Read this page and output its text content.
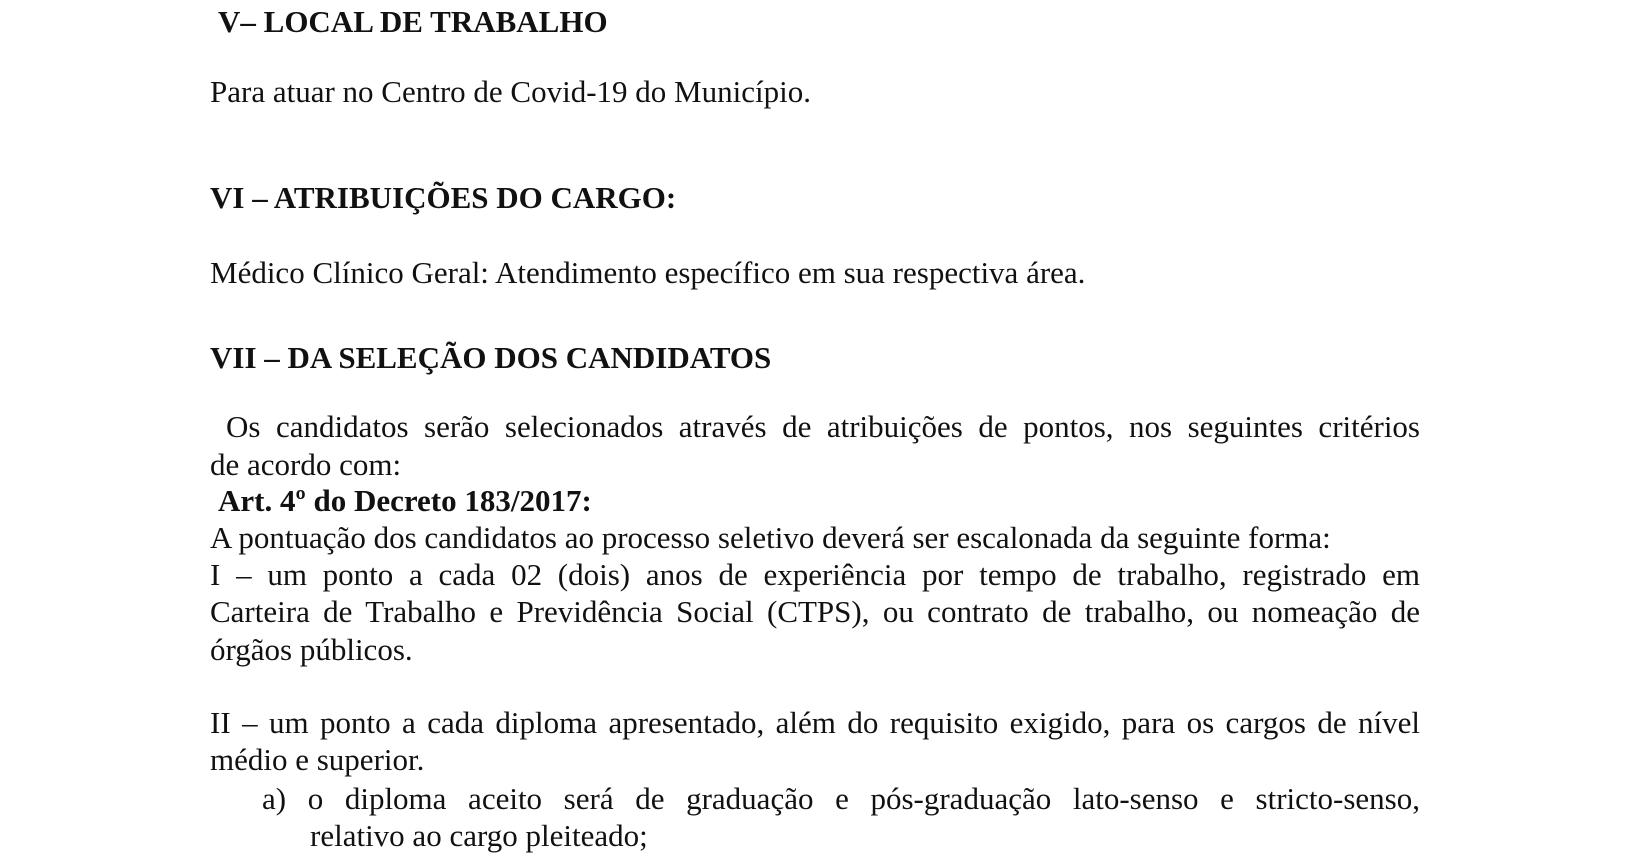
V– LOCAL DE TRABALHO
Para atuar no Centro de Covid-19 do Município.
VI – ATRIBUIÇÕES DO CARGO:
Médico Clínico Geral: Atendimento específico em sua respectiva área.
VII – DA SELEÇÃO DOS CANDIDATOS
Os candidatos serão selecionados através de atribuições de pontos, nos seguintes critérios
de acordo com:
Art. 4º do Decreto 183/2017:
A pontuação dos candidatos ao processo seletivo deverá ser escalonada da seguinte forma:
I – um ponto a cada 02 (dois) anos de experiência por tempo de trabalho, registrado em
Carteira de Trabalho e Previdência Social (CTPS), ou contrato de trabalho, ou nomeação de
órgãos públicos.
II – um ponto a cada diploma apresentado, além do requisito exigido, para os cargos de nível
médio e superior.
a) o diploma aceito será de graduação e pós-graduação lato-senso e stricto-senso,
relativo ao cargo pleiteado;
